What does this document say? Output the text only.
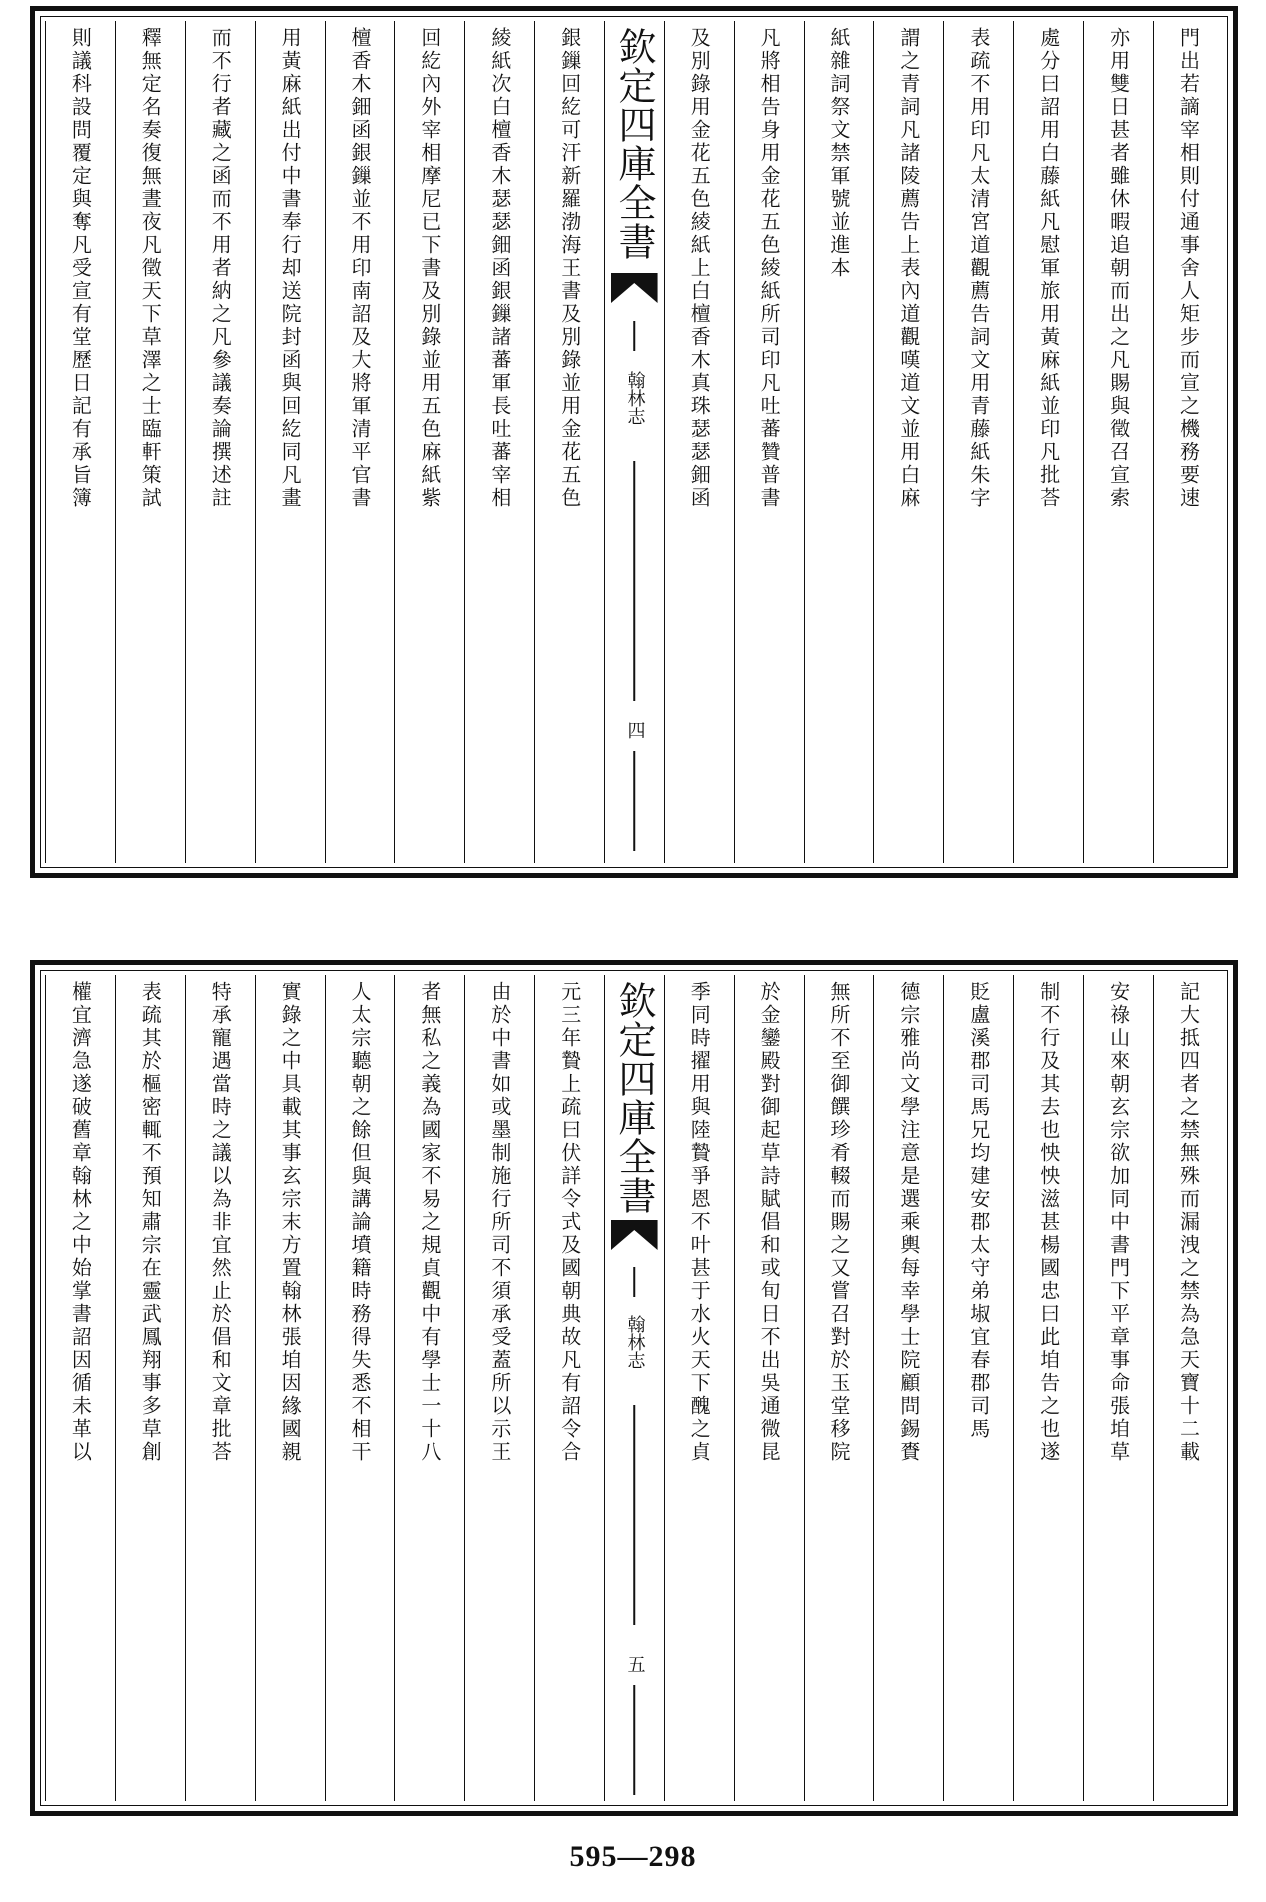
門出若謫宰相則付通事舍人矩步而宣之機務要速
亦用雙日甚者雖休暇追朝而出之凡賜與徵召宣索
處分曰詔用白藤紙凡慰軍旅用黃麻紙並印凡批荅
表疏不用印凡太清宮道觀薦告詞文用青藤紙朱字
謂之青詞凡諸陵薦告上表內道觀嘆道文並用白麻
紙雜詞祭文禁軍號並進本
凡將相告身用金花五色綾紙所司印凡吐蕃贊普書
及別錄用金花五色綾紙上白檀香木真珠瑟瑟鈿函
欽定四庫全書
翰林志
四
銀鏁回紇可汗新羅渤海王書及別錄並用金花五色
綾紙次白檀香木瑟瑟鈿函銀鏁諸蕃軍長吐蕃宰相
回紇內外宰相摩尼已下書及別錄並用五色麻紙紫
檀香木鈿函銀鏁並不用印南詔及大將軍清平官書
用黃麻紙出付中書奉行却送院封函與回紇同凡畫
而不行者藏之函而不用者納之凡參議奏論撰述註
釋無定名奏復無晝夜凡徵天下草澤之士臨軒策試
則議科設問覆定與奪凡受宣有堂歷日記有承旨簿
記大抵四者之禁無殊而漏洩之禁為急天寶十二載
安祿山來朝玄宗欲加同中書門下平章事命張垍草
制不行及其去也怏怏滋甚楊國忠曰此垍告之也遂
貶盧溪郡司馬兄均建安郡太守弟埱宜春郡司馬
德宗雅尚文學注意是選乘輿每幸學士院顧問錫賚
無所不至御饌珍肴輟而賜之又嘗召對於玉堂移院
於金鑾殿對御起草詩賦倡和或旬日不出吳通微昆
季同時擢用與陸贄爭恩不叶甚于水火天下醜之貞
欽定四庫全書
翰林志
五
元三年贄上疏曰伏詳令式及國朝典故凡有詔令合
由於中書如或墨制施行所司不須承受蓋所以示王
者無私之義為國家不易之規貞觀中有學士一十八
人太宗聽朝之餘但與講論墳籍時務得失悉不相干
實錄之中具載其事玄宗末方置翰林張垍因緣國親
特承寵遇當時之議以為非宜然止於倡和文章批荅
表疏其於樞密輒不預知肅宗在靈武鳳翔事多草創
權宜濟急遂破舊章翰林之中始掌書詔因循未革以
595—298
